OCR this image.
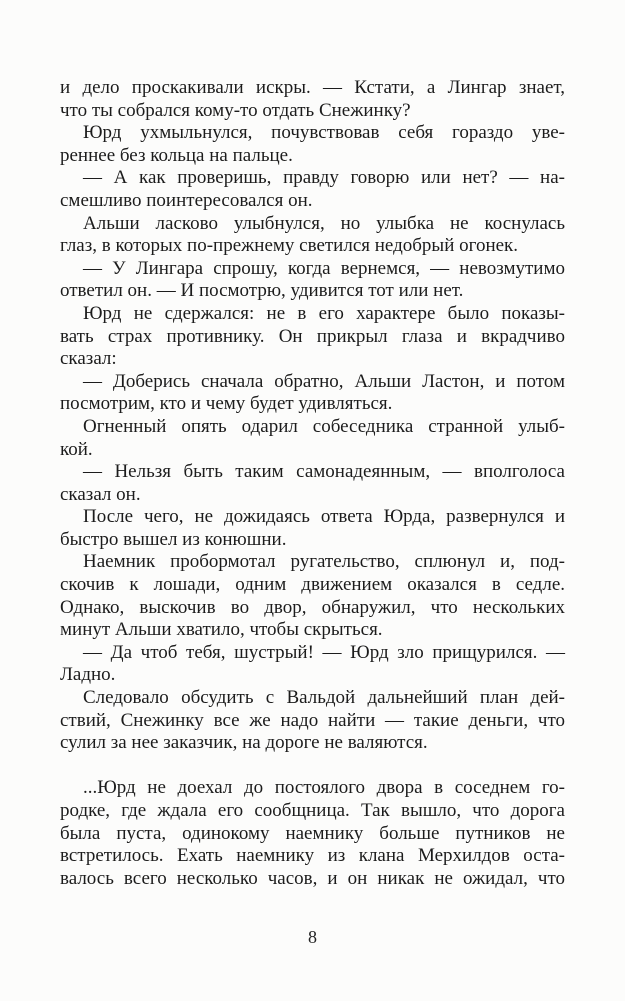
и дело проскакивали искры. — Кстати, а Лингар знает,
что ты собрался кому-то отдать Снежинку?
Юрд ухмыльнулся, почувствовав себя гораздо уве-
реннее без кольца на пальце.
— А как проверишь, правду говорю или нет? — на-
смешливо поинтересовался он.
Альши ласково улыбнулся, но улыбка не коснулась
глаз, в которых по-прежнему светился недобрый огонек.
— У Лингара спрошу, когда вернемся, — невозмутимо
ответил он. — И посмотрю, удивится тот или нет.
Юрд не сдержался: не в его характере было показы-
вать страх противнику. Он прикрыл глаза и вкрадчиво
сказал:
— Доберись сначала обратно, Альши Ластон, и потом
посмотрим, кто и чему будет удивляться.
Огненный опять одарил собеседника странной улыб-
кой.
— Нельзя быть таким самонадеянным, — вполголоса
сказал он.
После чего, не дожидаясь ответа Юрда, развернулся и
быстро вышел из конюшни.
Наемник пробормотал ругательство, сплюнул и, под-
скочив к лошади, одним движением оказался в седле.
Однако, выскочив во двор, обнаружил, что нескольких
минут Альши хватило, чтобы скрыться.
— Да чтоб тебя, шустрый! — Юрд зло прищурился. —
Ладно.
Следовало обсудить с Вальдой дальнейший план дей-
ствий, Снежинку все же надо найти — такие деньги, что
сулил за нее заказчик, на дороге не валяются.
...Юрд не доехал до постоялого двора в соседнем го-
родке, где ждала его сообщница. Так вышло, что дорога
была пуста, одинокому наемнику больше путников не
встретилось. Ехать наемнику из клана Мерхилдов оста-
валось всего несколько часов, и он никак не ожидал, что
8
